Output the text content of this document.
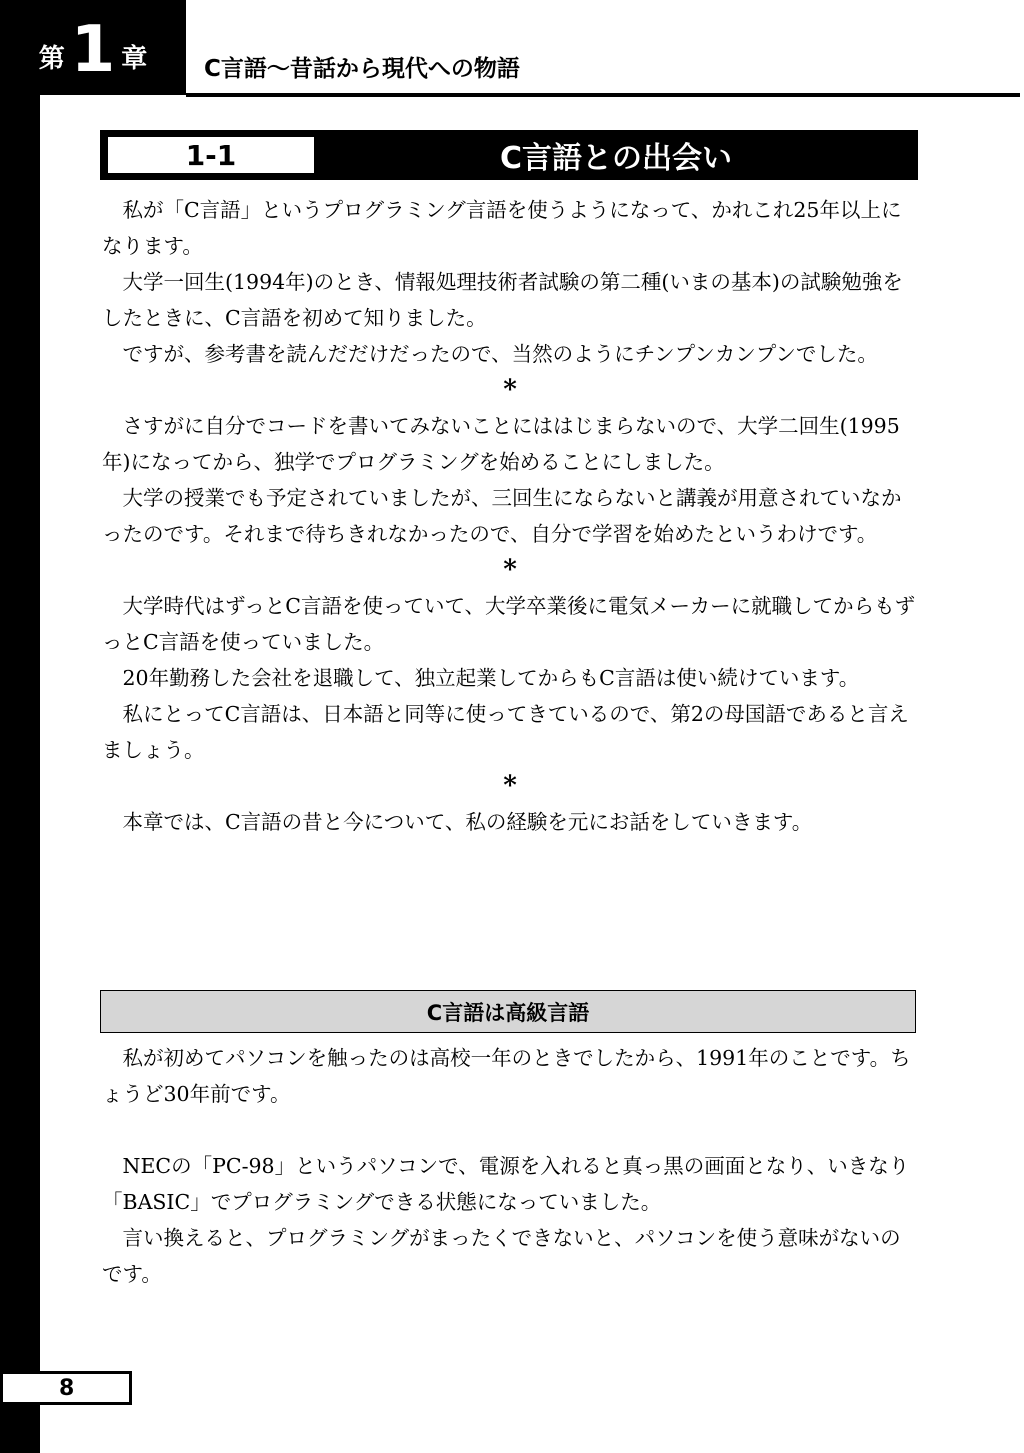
第 1 章 C言語〜昔話から現代への物語
1-1	C言語との出会い

私が「C言語」というプログラミング言語を使うようになって、かれこれ25年以上になります。

大学一回生(1994年)のとき、情報処理技術者試験の第二種(いまの基本)の試験勉強をしたときに、C言語を初めて知りました。

ですが、参考書を読んだだけだったので、当然のようにチンプンカンプンでした。

*

さすがに自分でコードを書いてみないことにははじまらないので、大学二回生(1995年)になってから、独学でプログラミングを始めることにしました。

大学の授業でも予定されていましたが、三回生にならないと講義が用意されていなかったのです。それまで待ちきれなかったので、自分で学習を始めたというわけです。

*

大学時代はずっとC言語を使っていて、大学卒業後に電気メーカーに就職してからもずっとC言語を使っていました。

20年勤務した会社を退職して、独立起業してからもC言語は使い続けています。

私にとってC言語は、日本語と同等に使ってきているので、第2の母国語であると言えましょう。

*

本章では、C言語の昔と今について、私の経験を元にお話をしていきます。

C言語は高級言語

私が初めてパソコンを触ったのは高校一年のときでしたから、1991年のことです。ちょうど30年前です。

NECの「PC-98」というパソコンで、電源を入れると真っ黒の画面となり、いきなり「BASIC」でプログラミングできる状態になっていました。

言い換えると、プログラミングがまったくできないと、パソコンを使う意味がないのです。

8
